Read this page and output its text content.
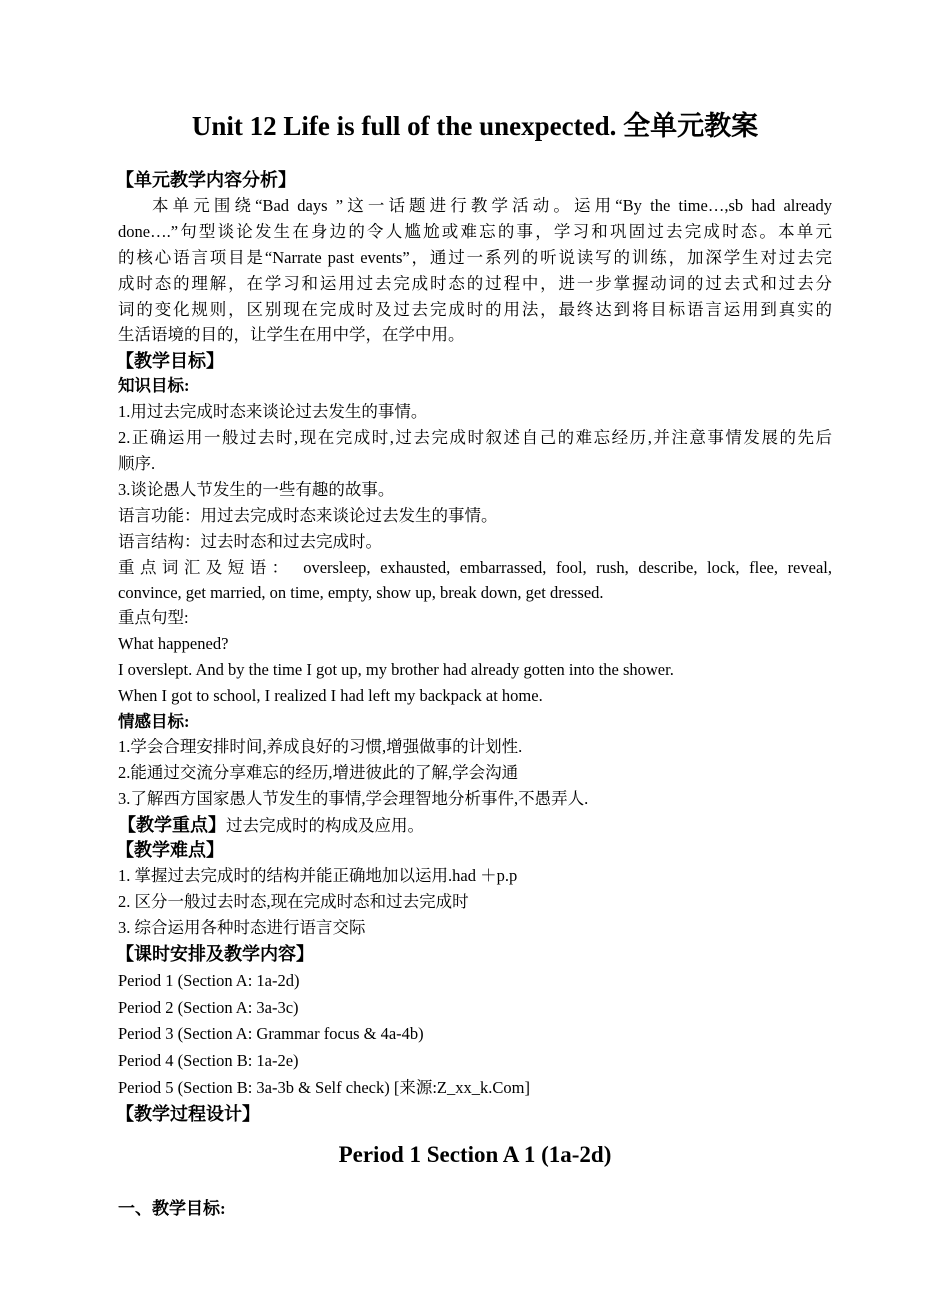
Unit 12 Life is full of the unexpected. 全单元教案
【单元教学内容分析】
本单元围绕“Bad days ”这一话题进行教学活动。运用“By the time…,sb had already
done….”句型谈论发生在身边的令人尴尬或难忘的事，学习和巩固过去完成时态。本单元
的核心语言项目是“Narrate past events”，通过一系列的听说读写的训练，加深学生对过去完
成时态的理解，在学习和运用过去完成时态的过程中，进一步掌握动词的过去式和过去分
词的变化规则，区别现在完成时及过去完成时的用法，最终达到将目标语言运用到真实的
生活语境的目的，让学生在用中学，在学中用。
【教学目标】
知识目标:
1.用过去完成时态来谈论过去发生的事情。
2.正确运用一般过去时,现在完成时,过去完成时叙述自己的难忘经历,并注意事情发展的先后
顺序.
3.谈论愚人节发生的一些有趣的故事。
语言功能：用过去完成时态来谈论过去发生的事情。
语言结构：过去时态和过去完成时。
重点词汇及短语： oversleep, exhausted, embarrassed, fool, rush, describe, lock, flee, reveal,
convince, get married, on time, empty, show up, break down, get dressed.
重点句型:
What happened?
I overslept. And by the time I got up, my brother had already gotten into the shower.
When I got to school, I realized I had left my backpack at home.
情感目标:
1.学会合理安排时间,养成良好的习惯,增强做事的计划性.
2.能通过交流分享难忘的经历,增进彼此的了解,学会沟通
3.了解西方国家愚人节发生的事情,学会理智地分析事件,不愚弄人.
【教学重点】过去完成时的构成及应用。
【教学难点】
1. 掌握过去完成时的结构并能正确地加以运用.had ＋p.p
2. 区分一般过去时态,现在完成时态和过去完成时
3. 综合运用各种时态进行语言交际
【课时安排及教学内容】
Period 1 (Section A: 1a-2d)
Period 2 (Section A: 3a-3c)
Period 3 (Section A: Grammar focus & 4a-4b)
Period 4 (Section B: 1a-2e)
Period 5 (Section B: 3a-3b & Self check) [来源:Z_xx_k.Com]
【教学过程设计】
Period 1 Section A 1 (1a-2d)
一、教学目标:
